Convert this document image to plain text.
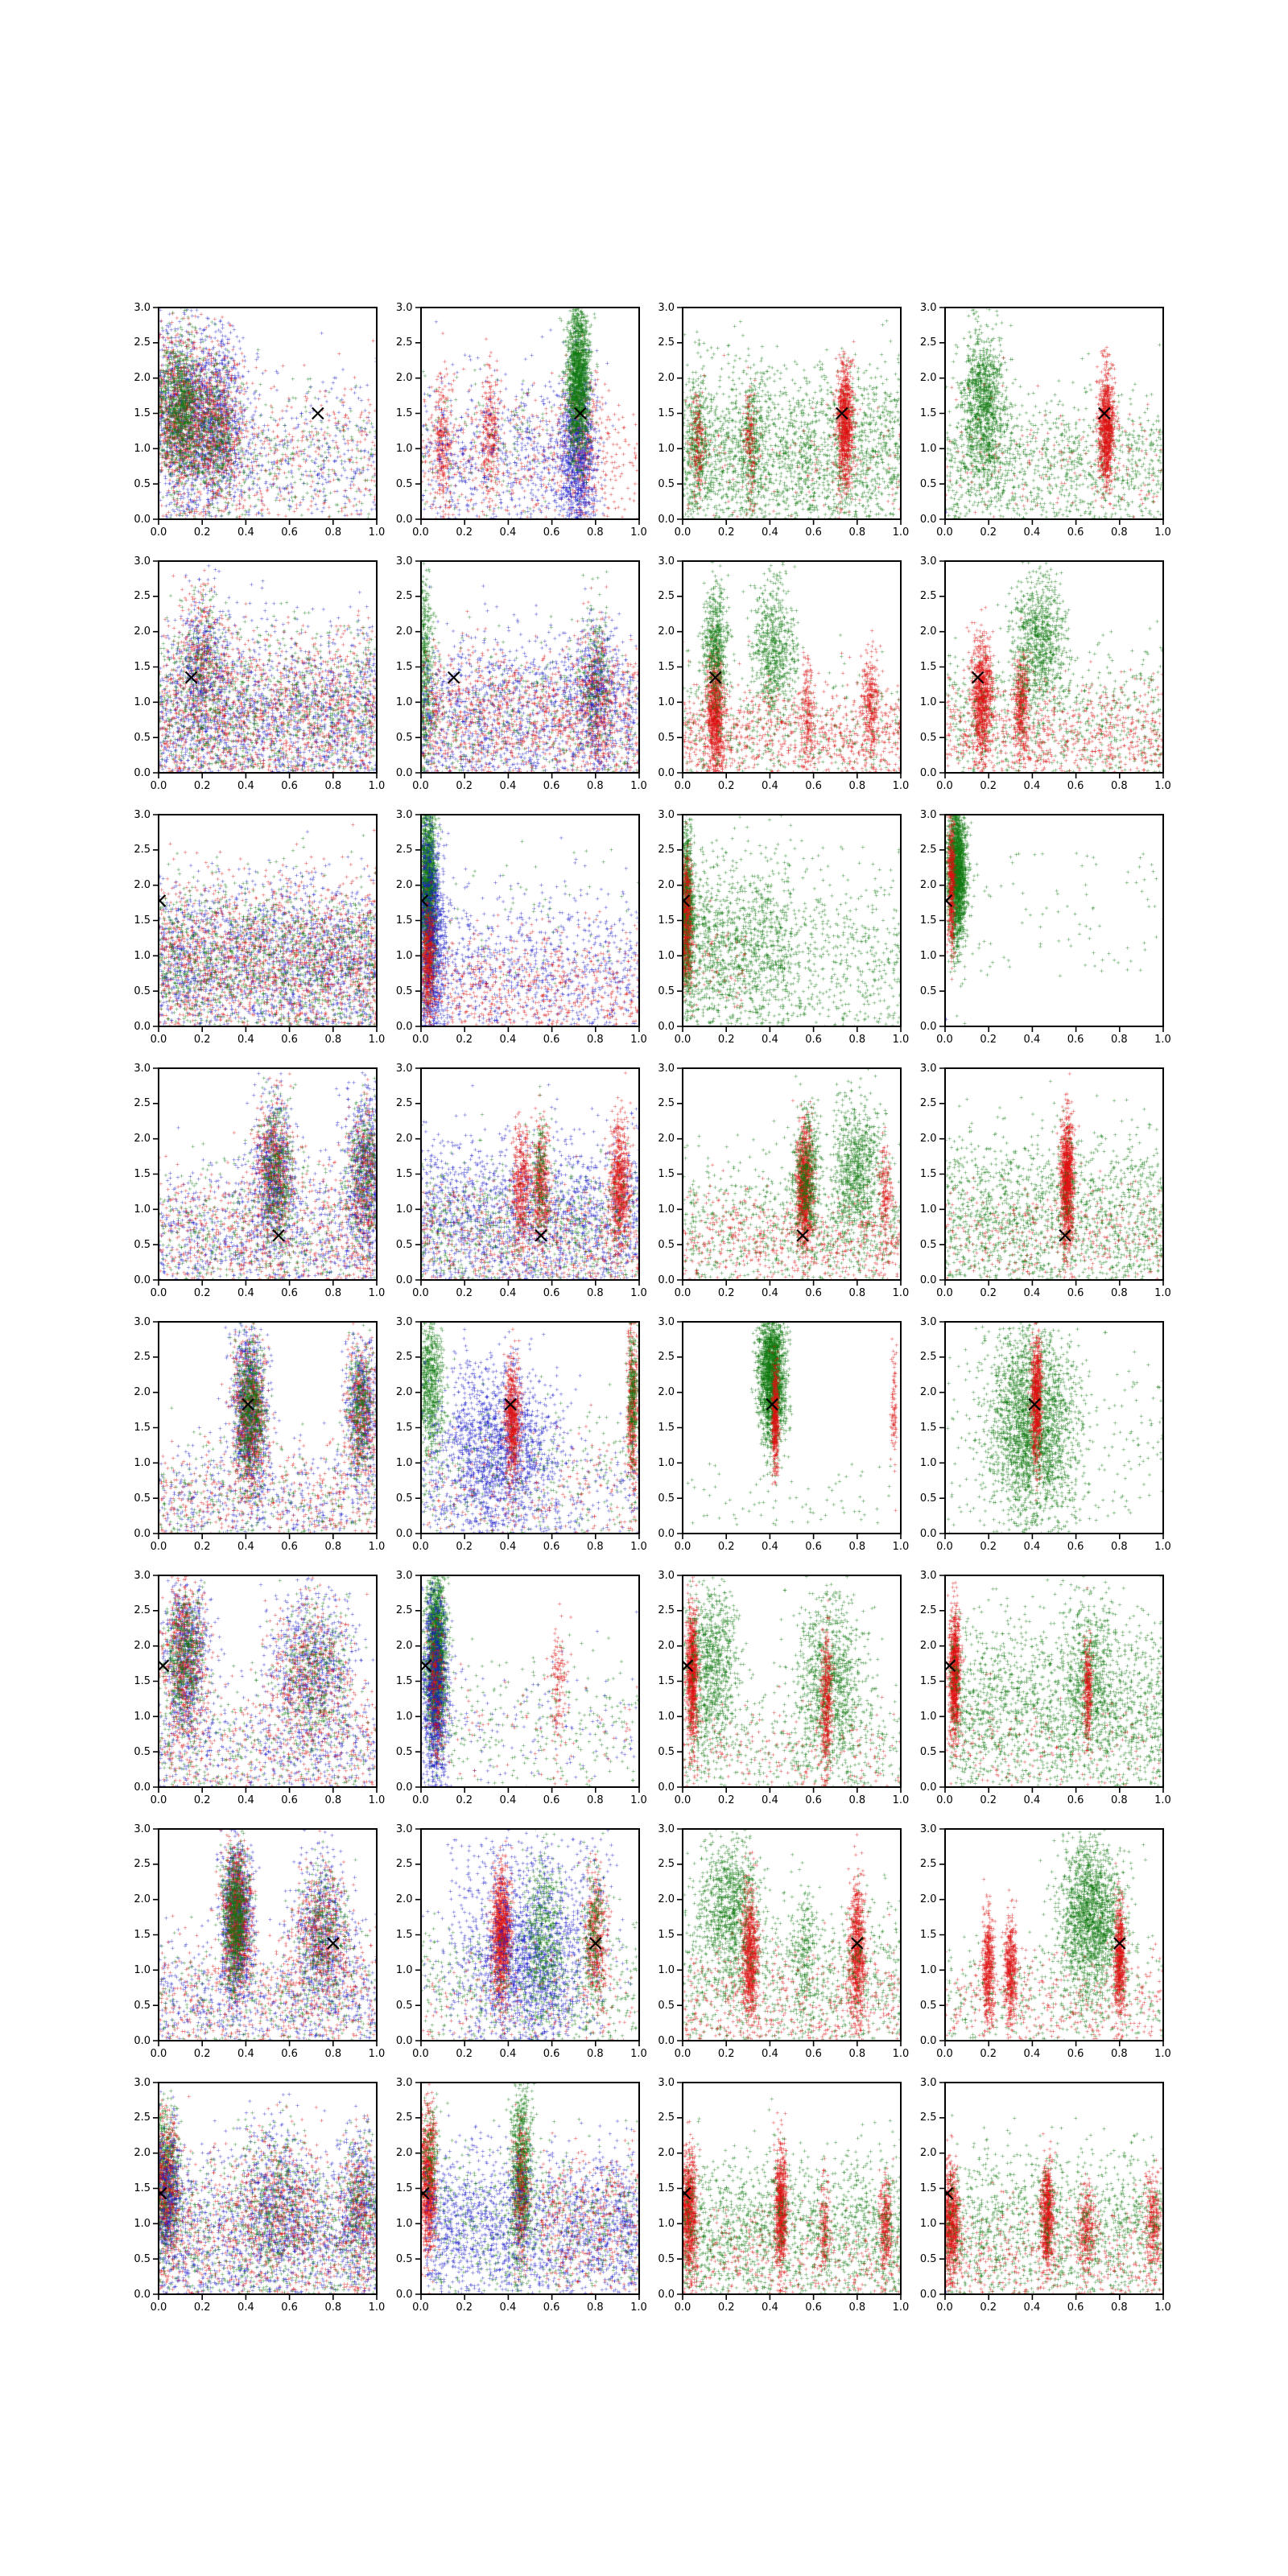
0.0	0.2	0.4	0.6	0.8	1.0
0.0
0.5
1.0
1.5
2.0
2.5
3.0
0.0	0.2	0.4	0.6	0.8	1.0
0.0
0.5
1.0
1.5
2.0
2.5
3.0
0.0	0.2	0.4	0.6	0.8	1.0
0.0
0.5
1.0
1.5
2.0
2.5
3.0
0.0	0.2	0.4	0.6	0.8	1.0
0.0
0.5
1.0
1.5
2.0
2.5
3.0
0.0	0.2	0.4	0.6	0.8	1.0
0.0
0.5
1.0
1.5
2.0
2.5
3.0
0.0	0.2	0.4	0.6	0.8	1.0
0.0
0.5
1.0
1.5
2.0
2.5
3.0
0.0	0.2	0.4	0.6	0.8	1.0
0.0
0.5
1.0
1.5
2.0
2.5
3.0
0.0	0.2	0.4	0.6	0.8	1.0
0.0
0.5
1.0
1.5
2.0
2.5
3.0
0.0	0.2	0.4	0.6	0.8	1.0
0.0
0.5
1.0
1.5
2.0
2.5
3.0
0.0	0.2	0.4	0.6	0.8	1.0
0.0
0.5
1.0
1.5
2.0
2.5
3.0
0.0	0.2	0.4	0.6	0.8	1.0
0.0
0.5
1.0
1.5
2.0
2.5
3.0
0.0	0.2	0.4	0.6	0.8	1.0
0.0
0.5
1.0
1.5
2.0
2.5
3.0
0.0	0.2	0.4	0.6	0.8	1.0
0.0
0.5
1.0
1.5
2.0
2.5
3.0
0.0	0.2	0.4	0.6	0.8	1.0
0.0
0.5
1.0
1.5
2.0
2.5
3.0
0.0	0.2	0.4	0.6	0.8	1.0
0.0
0.5
1.0
1.5
2.0
2.5
3.0
0.0	0.2	0.4	0.6	0.8	1.0
0.0
0.5
1.0
1.5
2.0
2.5
3.0
0.0	0.2	0.4	0.6	0.8	1.0
0.0
0.5
1.0
1.5
2.0
2.5
3.0
0.0	0.2	0.4	0.6	0.8	1.0
0.0
0.5
1.0
1.5
2.0
2.5
3.0
0.0	0.2	0.4	0.6	0.8	1.0
0.0
0.5
1.0
1.5
2.0
2.5
3.0
0.0	0.2	0.4	0.6	0.8	1.0
0.0
0.5
1.0
1.5
2.0
2.5
3.0
0.0	0.2	0.4	0.6	0.8	1.0
0.0
0.5
1.0
1.5
2.0
2.5
3.0
0.0	0.2	0.4	0.6	0.8	1.0
0.0
0.5
1.0
1.5
2.0
2.5
3.0
0.0	0.2	0.4	0.6	0.8	1.0
0.0
0.5
1.0
1.5
2.0
2.5
3.0
0.0	0.2	0.4	0.6	0.8	1.0
0.0
0.5
1.0
1.5
2.0
2.5
3.0
0.0	0.2	0.4	0.6	0.8	1.0
0.0
0.5
1.0
1.5
2.0
2.5
3.0
0.0	0.2	0.4	0.6	0.8	1.0
0.0
0.5
1.0
1.5
2.0
2.5
3.0
0.0	0.2	0.4	0.6	0.8	1.0
0.0
0.5
1.0
1.5
2.0
2.5
3.0
0.0	0.2	0.4	0.6	0.8	1.0
0.0
0.5
1.0
1.5
2.0
2.5
3.0
0.0	0.2	0.4	0.6	0.8	1.0
0.0
0.5
1.0
1.5
2.0
2.5
3.0
0.0	0.2	0.4	0.6	0.8	1.0
0.0
0.5
1.0
1.5
2.0
2.5
3.0
0.0	0.2	0.4	0.6	0.8	1.0
0.0
0.5
1.0
1.5
2.0
2.5
3.0
0.0	0.2	0.4	0.6	0.8	1.0
0.0
0.5
1.0
1.5
2.0
2.5
3.0
